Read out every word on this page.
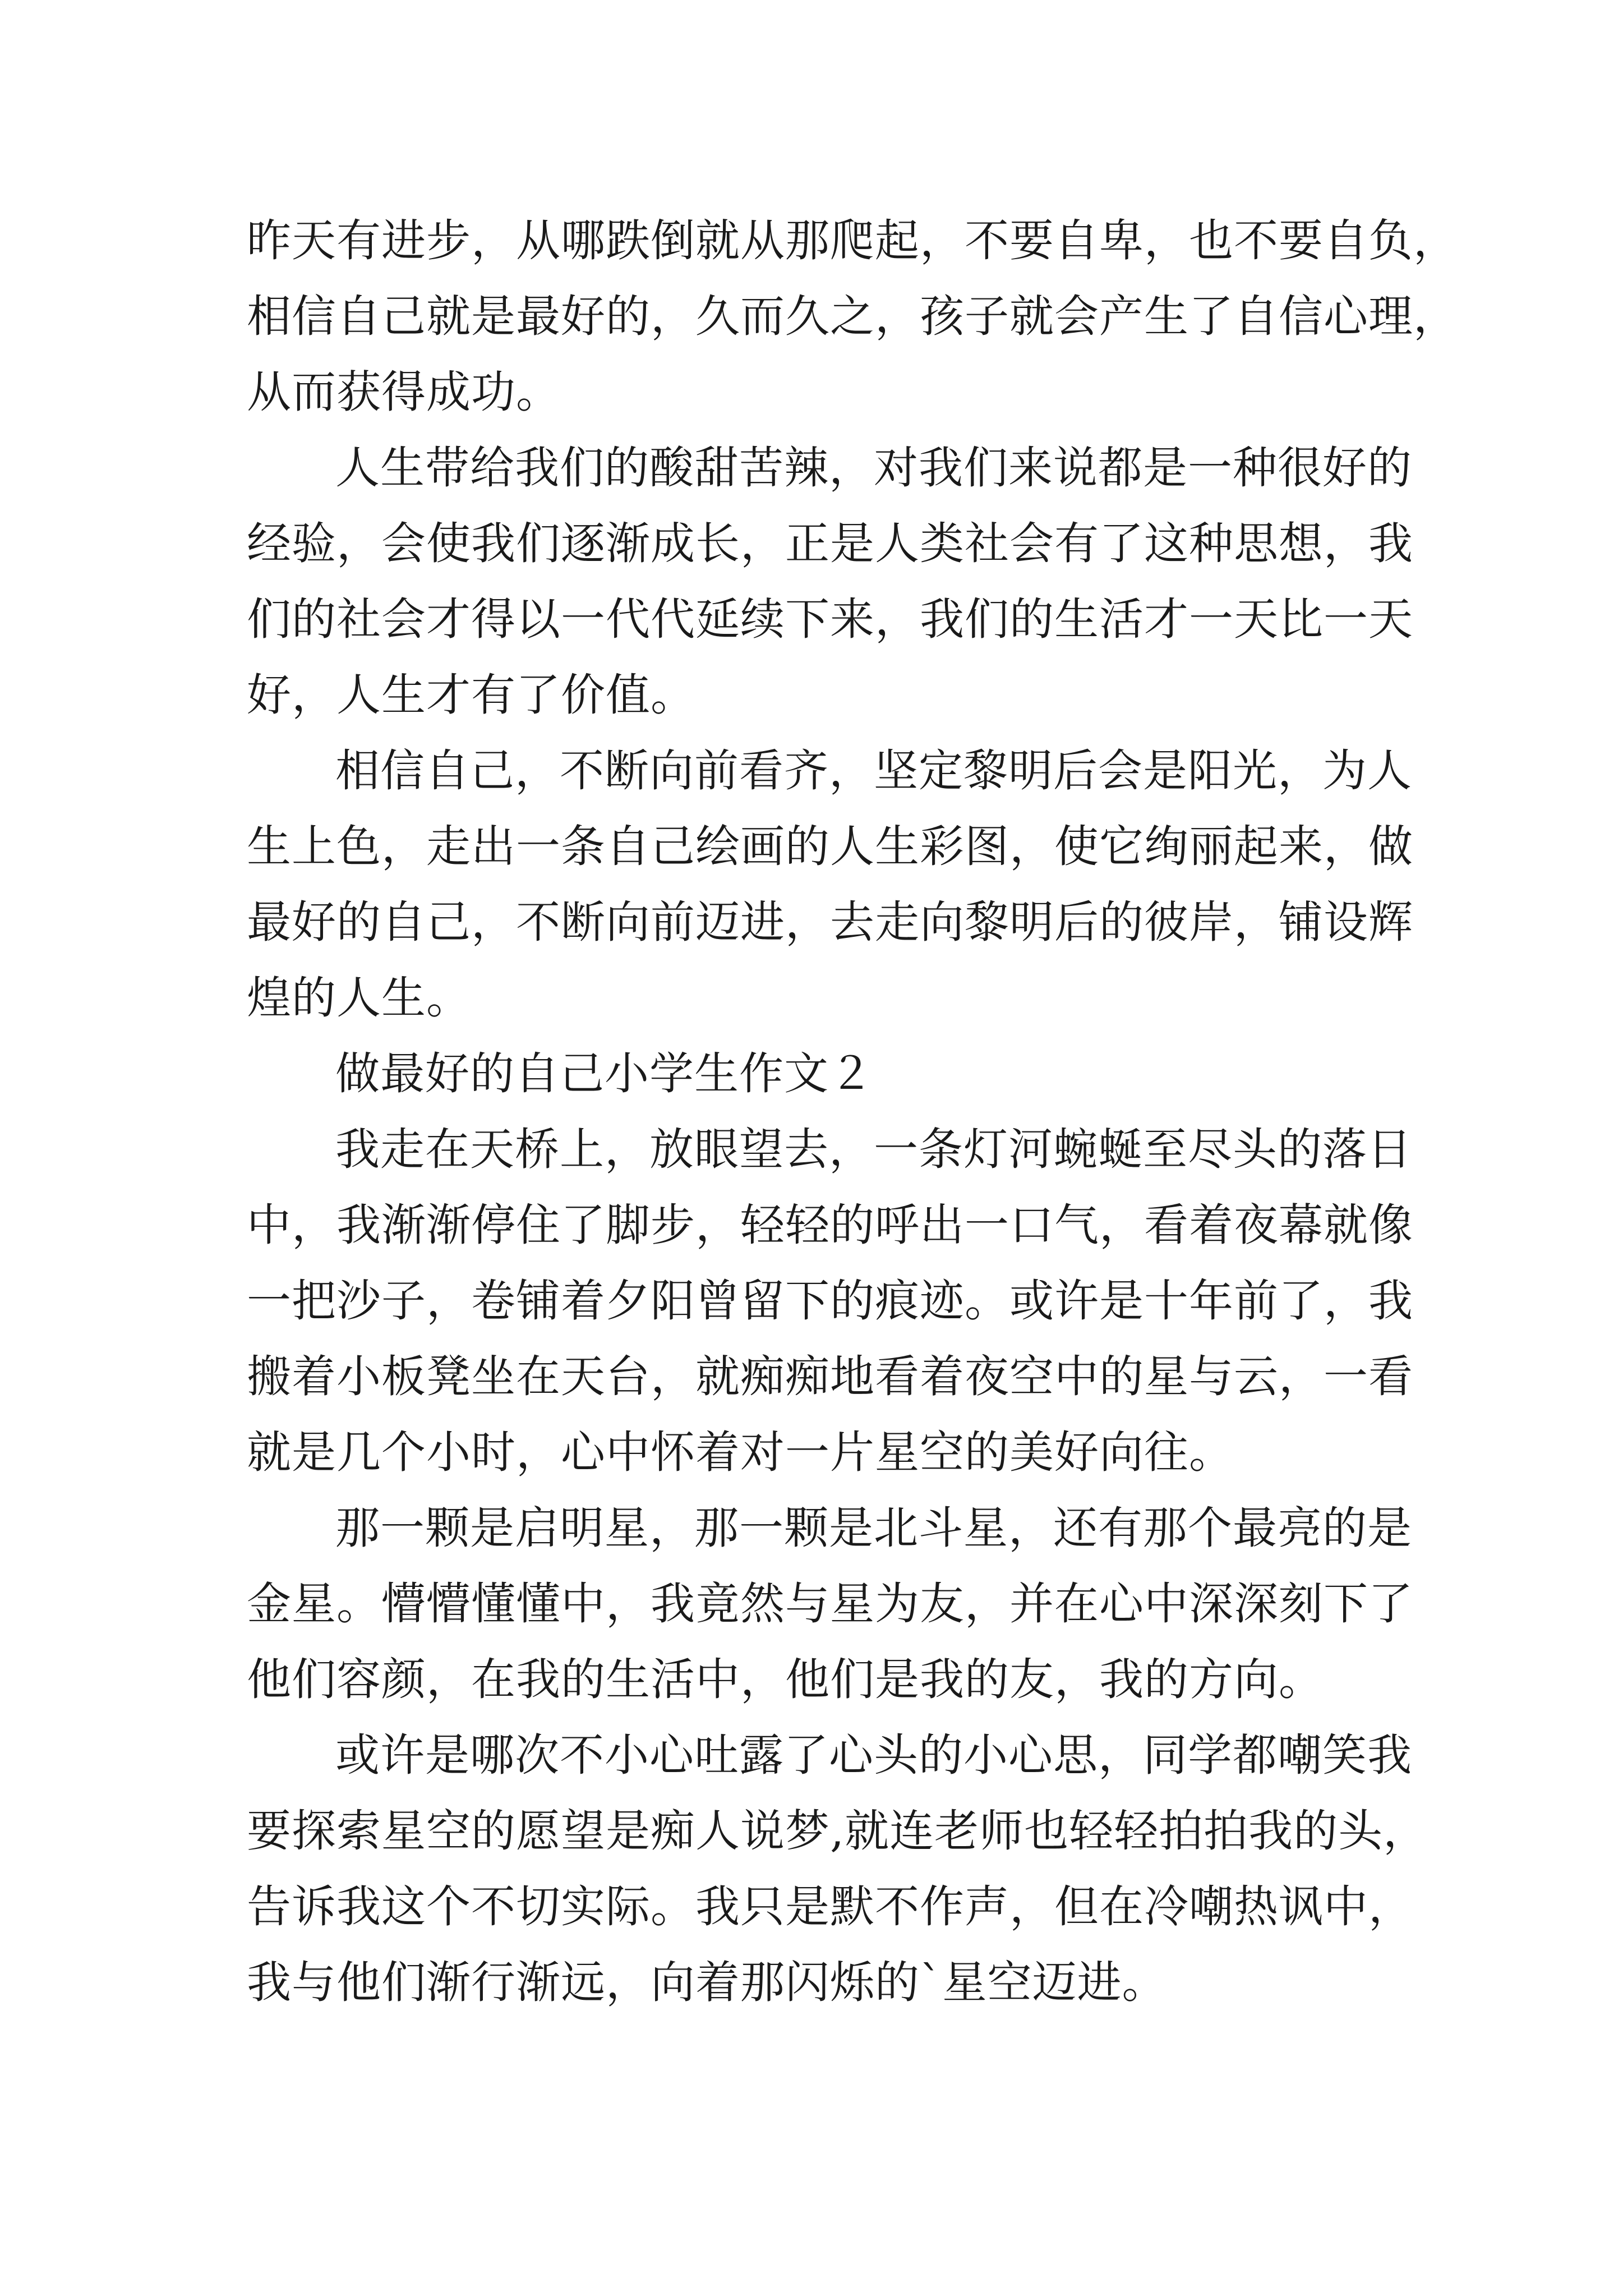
昨天有进步，从哪跌倒就从那爬起，不要自卑，也不要自负，
相信自己就是最好的，久而久之，孩子就会产生了自信心理，
从而获得成功。
人生带给我们的酸甜苦辣，对我们来说都是一种很好的
经验，会使我们逐渐成长，正是人类社会有了这种思想，我
们的社会才得以一代代延续下来，我们的生活才一天比一天
好，人生才有了价值。
相信自己，不断向前看齐，坚定黎明后会是阳光，为人
生上色，走出一条自己绘画的人生彩图，使它绚丽起来，做
最好的自己，不断向前迈进，去走向黎明后的彼岸，铺设辉
煌的人生。
做最好的自己小学生作文２
我走在天桥上，放眼望去，一条灯河蜿蜒至尽头的落日
中，我渐渐停住了脚步，轻轻的呼出一口气，看着夜幕就像
一把沙子，卷铺着夕阳曾留下的痕迹。或许是十年前了，我
搬着小板凳坐在天台，就痴痴地看着夜空中的星与云，一看
就是几个小时，心中怀着对一片星空的美好向往。
那一颗是启明星，那一颗是北斗星，还有那个最亮的是
金星。懵懵懂懂中，我竟然与星为友，并在心中深深刻下了
他们容颜，在我的生活中，他们是我的友，我的方向。
或许是哪次不小心吐露了心头的小心思，同学都嘲笑我
要探索星空的愿望是痴人说梦,就连老师也轻轻拍拍我的头，
告诉我这个不切实际。我只是默不作声，但在冷嘲热讽中，
我与他们渐行渐远，向着那闪烁的`星空迈进。
